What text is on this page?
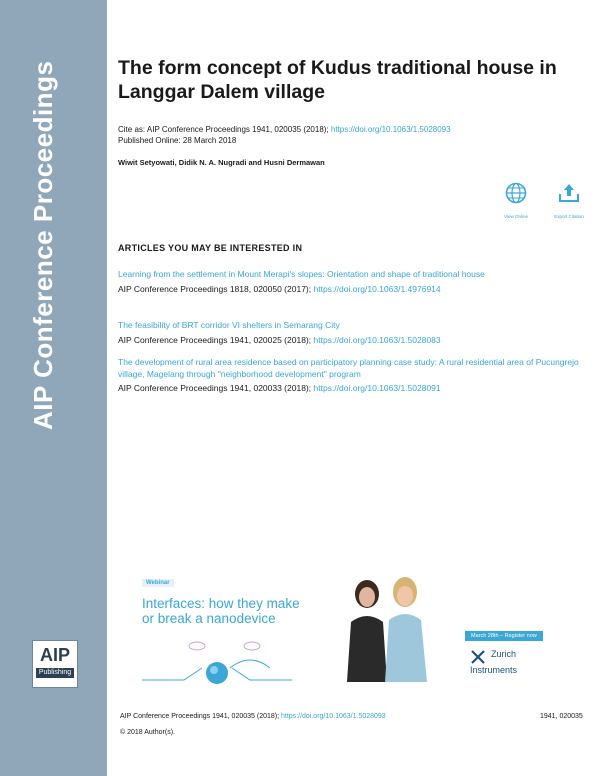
AIP Conference Proceedings
AIP
Publishing
The form concept of Kudus traditional house in Langgar Dalem village
Cite as: AIP Conference Proceedings 1941, 020035 (2018); https://doi.org/10.1063/1.5028093
Published Online: 28 March 2018
Wiwit Setyowati, Didik N. A. Nugradi and Husni Dermawan
View Online	Export Citation
ARTICLES YOU MAY BE INTERESTED IN
Learning from the settlement in Mount Merapi's slopes: Orientation and shape of traditional house
AIP Conference Proceedings 1818, 020050 (2017); https://doi.org/10.1063/1.4976914
The feasibility of BRT corridor VI shelters in Semarang City
AIP Conference Proceedings 1941, 020025 (2018); https://doi.org/10.1063/1.5028083
The development of rural area residence based on participatory planning case study: A rural residential area of Pucungrejo village, Magelang through "neighborhood development" program
AIP Conference Proceedings 1941, 020033 (2018); https://doi.org/10.1063/1.5028091
Webinar
Interfaces: how they make
or break a nanodevice
March 28th – Register now
Zurich
Instruments
AIP Conference Proceedings 1941, 020035 (2018); https://doi.org/10.1063/1.5028093	1941, 020035
© 2018 Author(s).
